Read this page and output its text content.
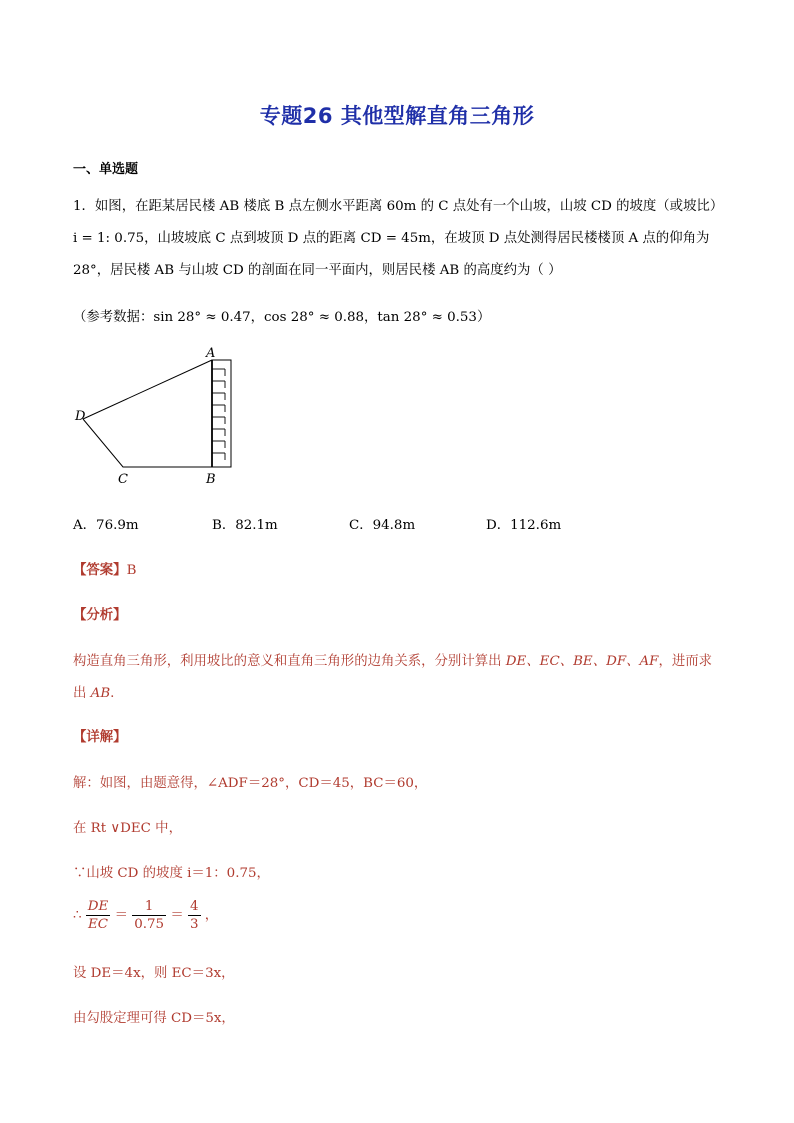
专题26 其他型解直角三角形
一、单选题
1．如图，在距某居民楼 AB 楼底 B 点左侧水平距离 60m 的 C 点处有一个山坡，山坡 CD 的坡度（或坡比）
i = 1: 0.75，山坡坡底 C 点到坡顶 D 点的距离 CD = 45m，在坡顶 D 点处测得居民楼楼顶 A 点的仰角为
28°，居民楼 AB 与山坡 CD 的剖面在同一平面内，则居民楼 AB 的高度约为（ ）
（参考数据：sin 28° ≈ 0.47，cos 28° ≈ 0.88，tan 28° ≈ 0.53）
A
D
C	B
A．76.9m	B．82.1m	C．94.8m	D．112.6m
【答案】B
【分析】
构造直角三角形，利用坡比的意义和直角三角形的边角关系，分别计算出 DE、EC、BE、DF、AF，进而求
出 AB.
【详解】
解：如图，由题意得，∠ADF＝28°，CD＝45，BC＝60，
在 Rt ∨DEC 中，
∵山坡 CD 的坡度 i＝1：0.75，
∴ $\frac{DE}{EC} = \frac{1}{0.75} = \frac{4}{3}$ ，
设 DE＝4x，则 EC＝3x，
由勾股定理可得 CD＝5x，
